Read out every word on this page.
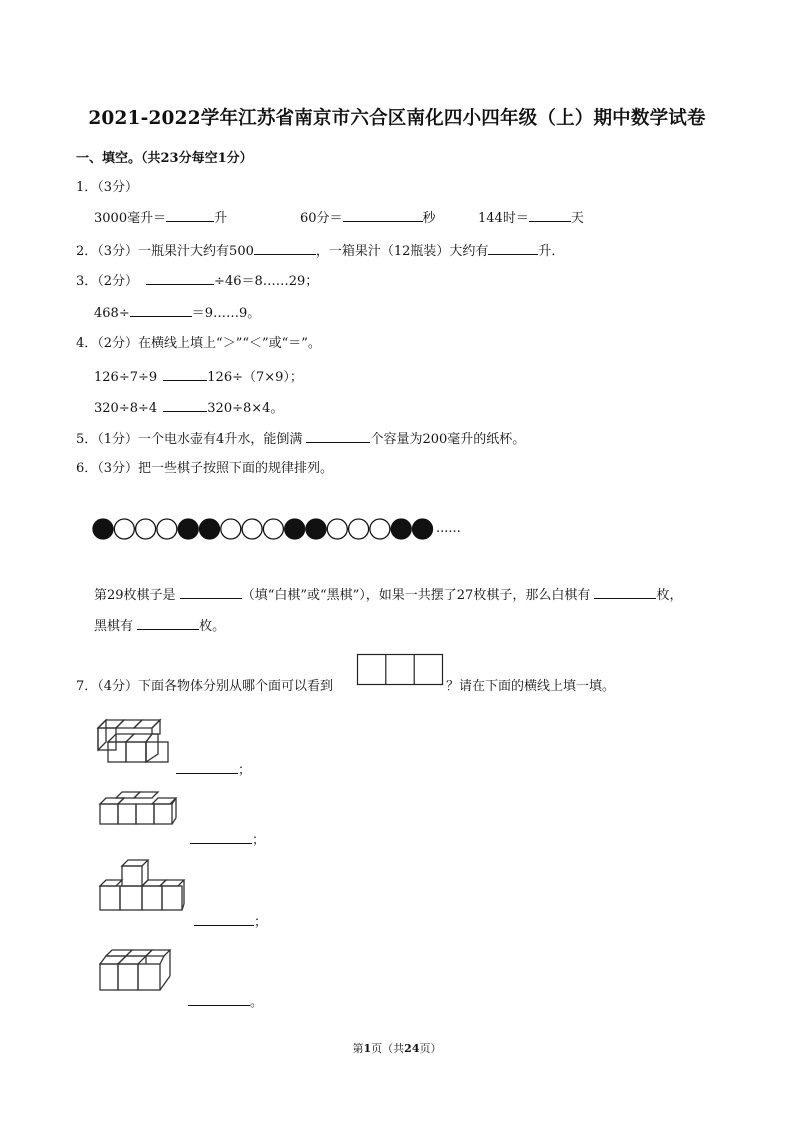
2021-2022学年江苏省南京市六合区南化四小四年级（上）期中数学试卷
一、填空。（共23分每空1分）
1．（3分）
3000毫升＝	升	60分＝	秒	144时＝	天
2．（3分）一瓶果汁大约有500	，一箱果汁（12瓶装）大约有	升．
3．（2分）	÷46＝8……29；
468÷	＝9……9。
4．（2分）在横线上填上“＞”“＜”或“＝”。
126÷7÷9	126÷（7×9）；
320÷8÷4	320÷8×4。
5．（1分）一个电水壶有4升水，能倒满	个容量为200毫升的纸杯。
6．（3分）把一些棋子按照下面的规律排列。
......
第29枚棋子是	（填“白棋”或“黑棋”），如果一共摆了27枚棋子，那么白棋有	枚，
黑棋有	枚。
7．（4分）下面各物体分别从哪个面可以看到	？请在下面的横线上填一填。
；
；
；
。
第1页（共24页）
